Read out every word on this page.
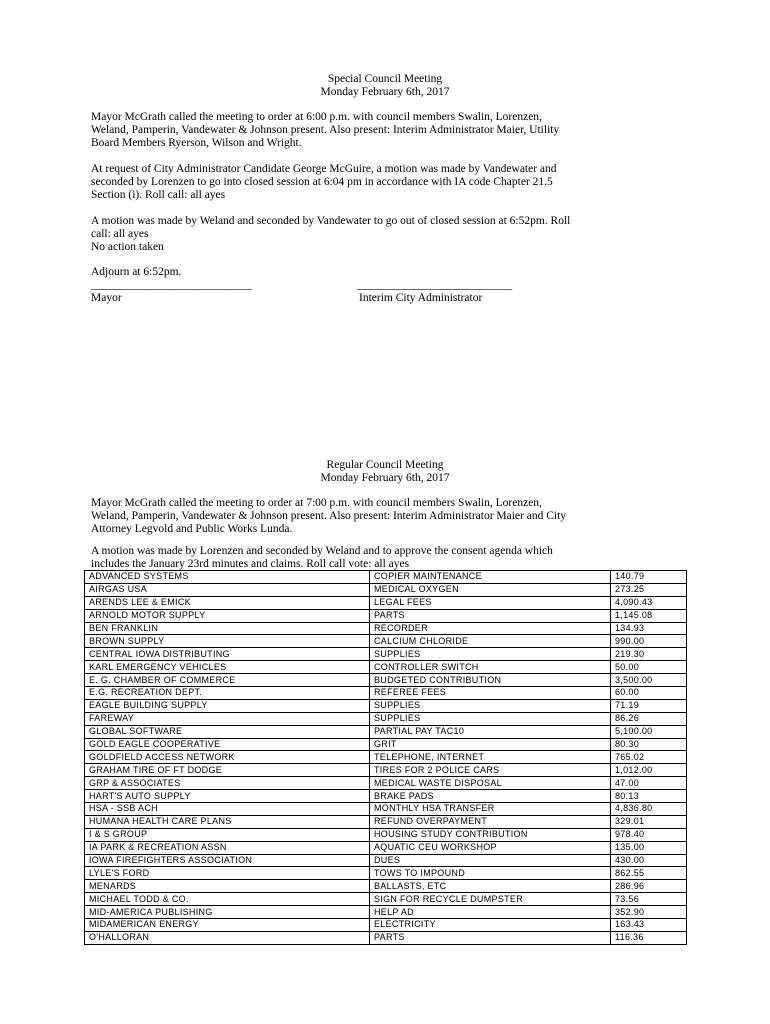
Special Council Meeting
Monday February 6th, 2017
Mayor McGrath called the meeting to order at 6:00 p.m. with council members Swalin, Lorenzen,
Weland, Pamperin, Vandewater & Johnson present. Also present: Interim Administrator Maier, Utility
Board Members Ryerson, Wilson and Wright.
At request of City Administrator Candidate George McGuire, a motion was made by Vandewater and
seconded by Lorenzen to go into closed session at 6:04 pm in accordance with IA code Chapter 21.5
Section (i). Roll call: all ayes
A motion was made by Weland and seconded by Vandewater to go out of closed session at 6:52pm. Roll
call: all ayes
No action taken
Adjourn at 6:52pm.
____________________________	___________________________
Mayor	Interim City Administrator
Regular Council Meeting
Monday February 6th, 2017
Mayor McGrath called the meeting to order at 7:00 p.m. with council members Swalin, Lorenzen,
Weland, Pamperin, Vandewater & Johnson present. Also present: Interim Administrator Maier and City
Attorney Legvold and Public Works Lunda.
A motion was made by Lorenzen and seconded by Weland and to approve the consent agenda which
includes the January 23rd minutes and claims. Roll call vote: all ayes
ADVANCED SYSTEMS	COPIER MAINTENANCE	140.79
AIRGAS USA	MEDICAL OXYGEN	273.25
ARENDS LEE & EMICK	LEGAL FEES	4,090.43
ARNOLD MOTOR SUPPLY	PARTS	1,145.08
BEN FRANKLIN	RECORDER	134.93
BROWN SUPPLY	CALCIUM CHLORIDE	990.00
CENTRAL IOWA DISTRIBUTING	SUPPLIES	219.30
KARL EMERGENCY VEHICLES	CONTROLLER SWITCH	50.00
E. G. CHAMBER OF COMMERCE	BUDGETED CONTRIBUTION	3,500.00
E.G. RECREATION DEPT.	REFEREE FEES	60.00
EAGLE BUILDING SUPPLY	SUPPLIES	71.19
FAREWAY	SUPPLIES	86.26
GLOBAL SOFTWARE	PARTIAL PAY TAC10	5,100.00
GOLD EAGLE COOPERATIVE	GRIT	80.30
GOLDFIELD ACCESS NETWORK	TELEPHONE, INTERNET	765.02
GRAHAM TIRE OF FT DODGE	TIRES FOR 2 POLICE CARS	1,012.00
GRP & ASSOCIATES	MEDICAL WASTE DISPOSAL	47.00
HART'S AUTO SUPPLY	BRAKE PADS	80.13
HSA - SSB ACH	MONTHLY HSA TRANSFER	4,836.80
HUMANA HEALTH CARE PLANS	REFUND OVERPAYMENT	329.01
I & S GROUP	HOUSING STUDY CONTRIBUTION	978.40
IA PARK & RECREATION ASSN	AQUATIC CEU WORKSHOP	135.00
IOWA FIREFIGHTERS ASSOCIATION	DUES	430.00
LYLE'S FORD	TOWS TO IMPOUND	862.55
MENARDS	BALLASTS, ETC	286.96
MICHAEL TODD & CO.	SIGN FOR RECYCLE DUMPSTER	73.56
MID-AMERICA PUBLISHING	HELP AD	352.90
MIDAMERICAN ENERGY	ELECTRICITY	163.43
O'HALLORAN	PARTS	116.36
